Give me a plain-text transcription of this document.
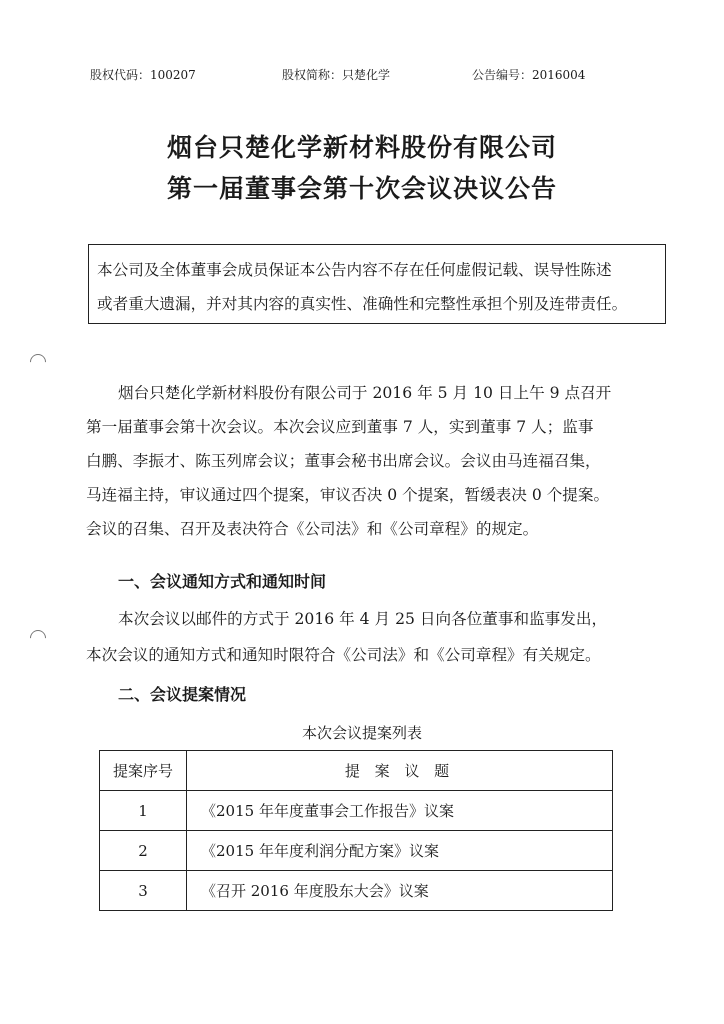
股权代码：100207	股权简称：只楚化学	公告编号：2016004
烟台只楚化学新材料股份有限公司
第一届董事会第十次会议决议公告
本公司及全体董事会成员保证本公告内容不存在任何虚假记载、误导性陈述
或者重大遗漏，并对其内容的真实性、准确性和完整性承担个别及连带责任。
烟台只楚化学新材料股份有限公司于 2016 年 5 月 10 日上午 9 点召开
第一届董事会第十次会议。本次会议应到董事 7 人，实到董事 7 人；监事
白鹏、李振才、陈玉列席会议；董事会秘书出席会议。会议由马连福召集，
马连福主持，审议通过四个提案，审议否决 0 个提案，暂缓表决 0 个提案。
会议的召集、召开及表决符合《公司法》和《公司章程》的规定。
一、会议通知方式和通知时间
本次会议以邮件的方式于 2016 年 4 月 25 日向各位董事和监事发出，
本次会议的通知方式和通知时限符合《公司法》和《公司章程》有关规定。
二、会议提案情况
本次会议提案列表
提案序号	提 案 议 题
1	《2015 年年度董事会工作报告》议案
2	《2015 年年度利润分配方案》议案
3	《召开 2016 年度股东大会》议案
